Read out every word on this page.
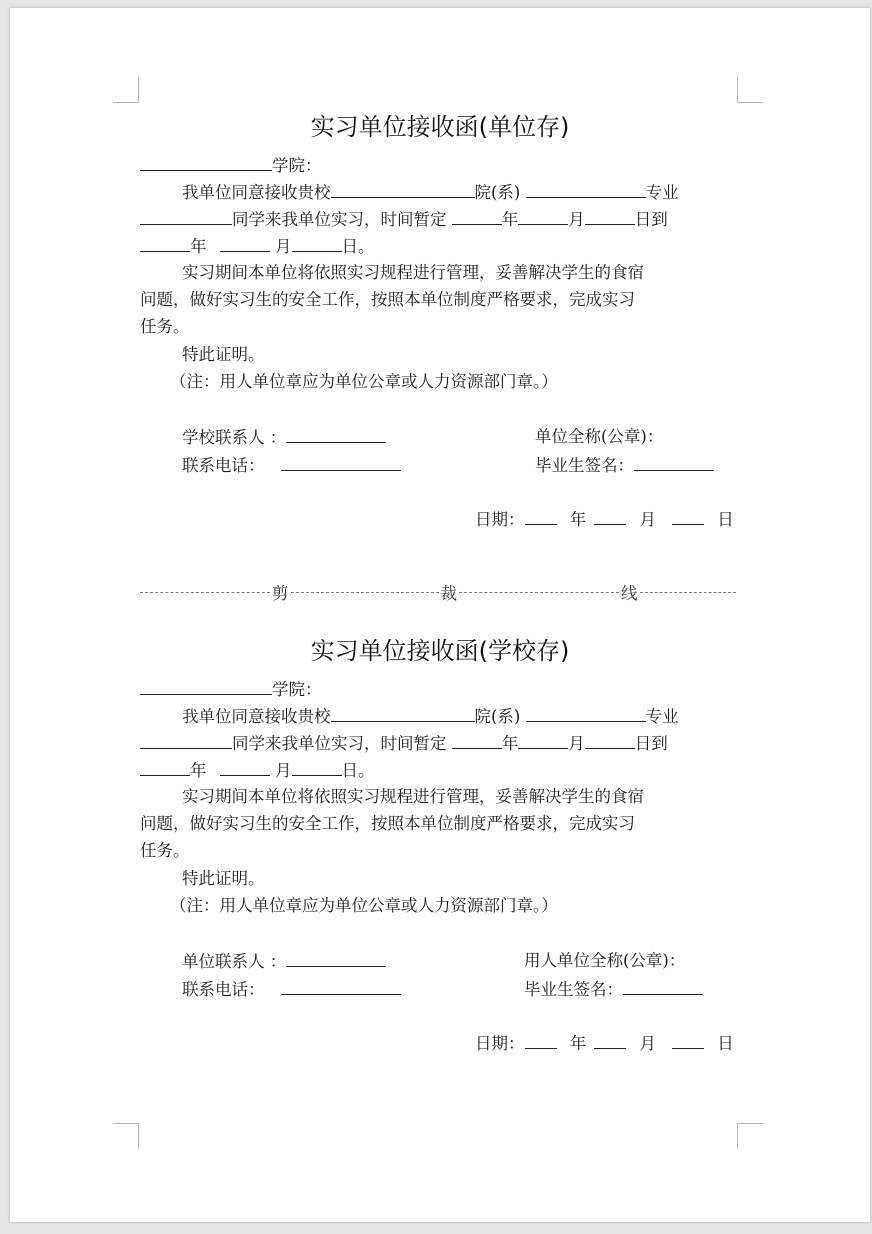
实习单位接收函(单位存)
学院：
我单位同意接收贵校	院(系)	专业
同学来我单位实习，时间暂定	年	月	日到
年	月	日。
实习期间本单位将依照实习规程进行管理，妥善解决学生的食宿
问题，做好实习生的安全工作，按照本单位制度严格要求，完成实习
任务。
特此证明。
（注：用人单位章应为单位公章或人力资源部门章。）
学校联系人 ：	单位全称(公章)：
联系电话：	毕业生签名：
日期：	年	月	日
剪	裁	线
实习单位接收函(学校存)
学院：
我单位同意接收贵校	院(系)	专业
同学来我单位实习，时间暂定	年	月	日到
年	月	日。
实习期间本单位将依照实习规程进行管理，妥善解决学生的食宿
问题，做好实习生的安全工作，按照本单位制度严格要求，完成实习
任务。
特此证明。
（注：用人单位章应为单位公章或人力资源部门章。）
单位联系人 ：	用人单位全称(公章)：
联系电话：	毕业生签名：
日期：	年	月	日
